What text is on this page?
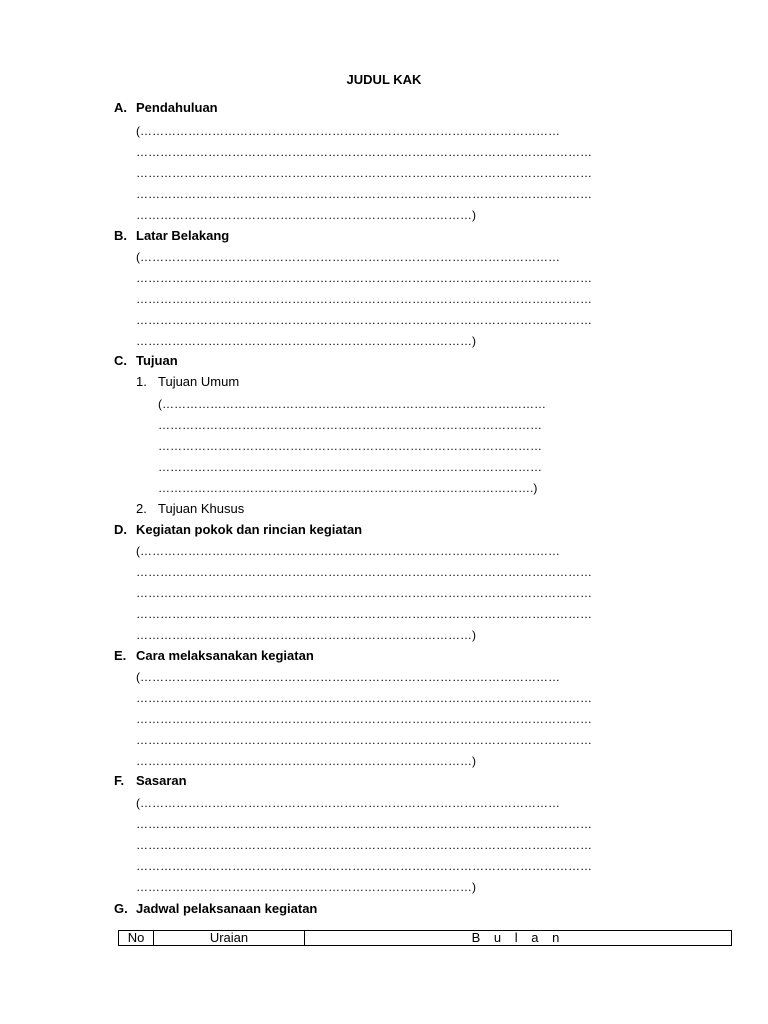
JUDUL KAK
A. Pendahuluan
(……………………………………………………………………………………………
……………………………………………………………………………………………………
……………………………………………………………………………………………………
……………………………………………………………………………………………………
…………………………………………………………………………)
B. Latar Belakang
(……………………………………………………………………………………………
……………………………………………………………………………………………………
……………………………………………………………………………………………………
……………………………………………………………………………………………………
…………………………………………………………………………)
C. Tujuan
1. Tujuan Umum
(……………………………………………………………………………………
……………………………………………………………………………………
……………………………………………………………………………………
……………………………………………………………………………………
………………………………………………………………………………….)
2. Tujuan Khusus
D. Kegiatan pokok dan rincian kegiatan
(……………………………………………………………………………………………
……………………………………………………………………………………………………
……………………………………………………………………………………………………
……………………………………………………………………………………………………
…………………………………………………………………………)
E. Cara melaksanakan kegiatan
(……………………………………………………………………………………………
……………………………………………………………………………………………………
……………………………………………………………………………………………………
……………………………………………………………………………………………………
…………………………………………………………………………)
F. Sasaran
(……………………………………………………………………………………………
……………………………………………………………………………………………………
……………………………………………………………………………………………………
……………………………………………………………………………………………………
…………………………………………………………………………)
G. Jadwal pelaksanaan kegiatan
No	Uraian	B u l a n
